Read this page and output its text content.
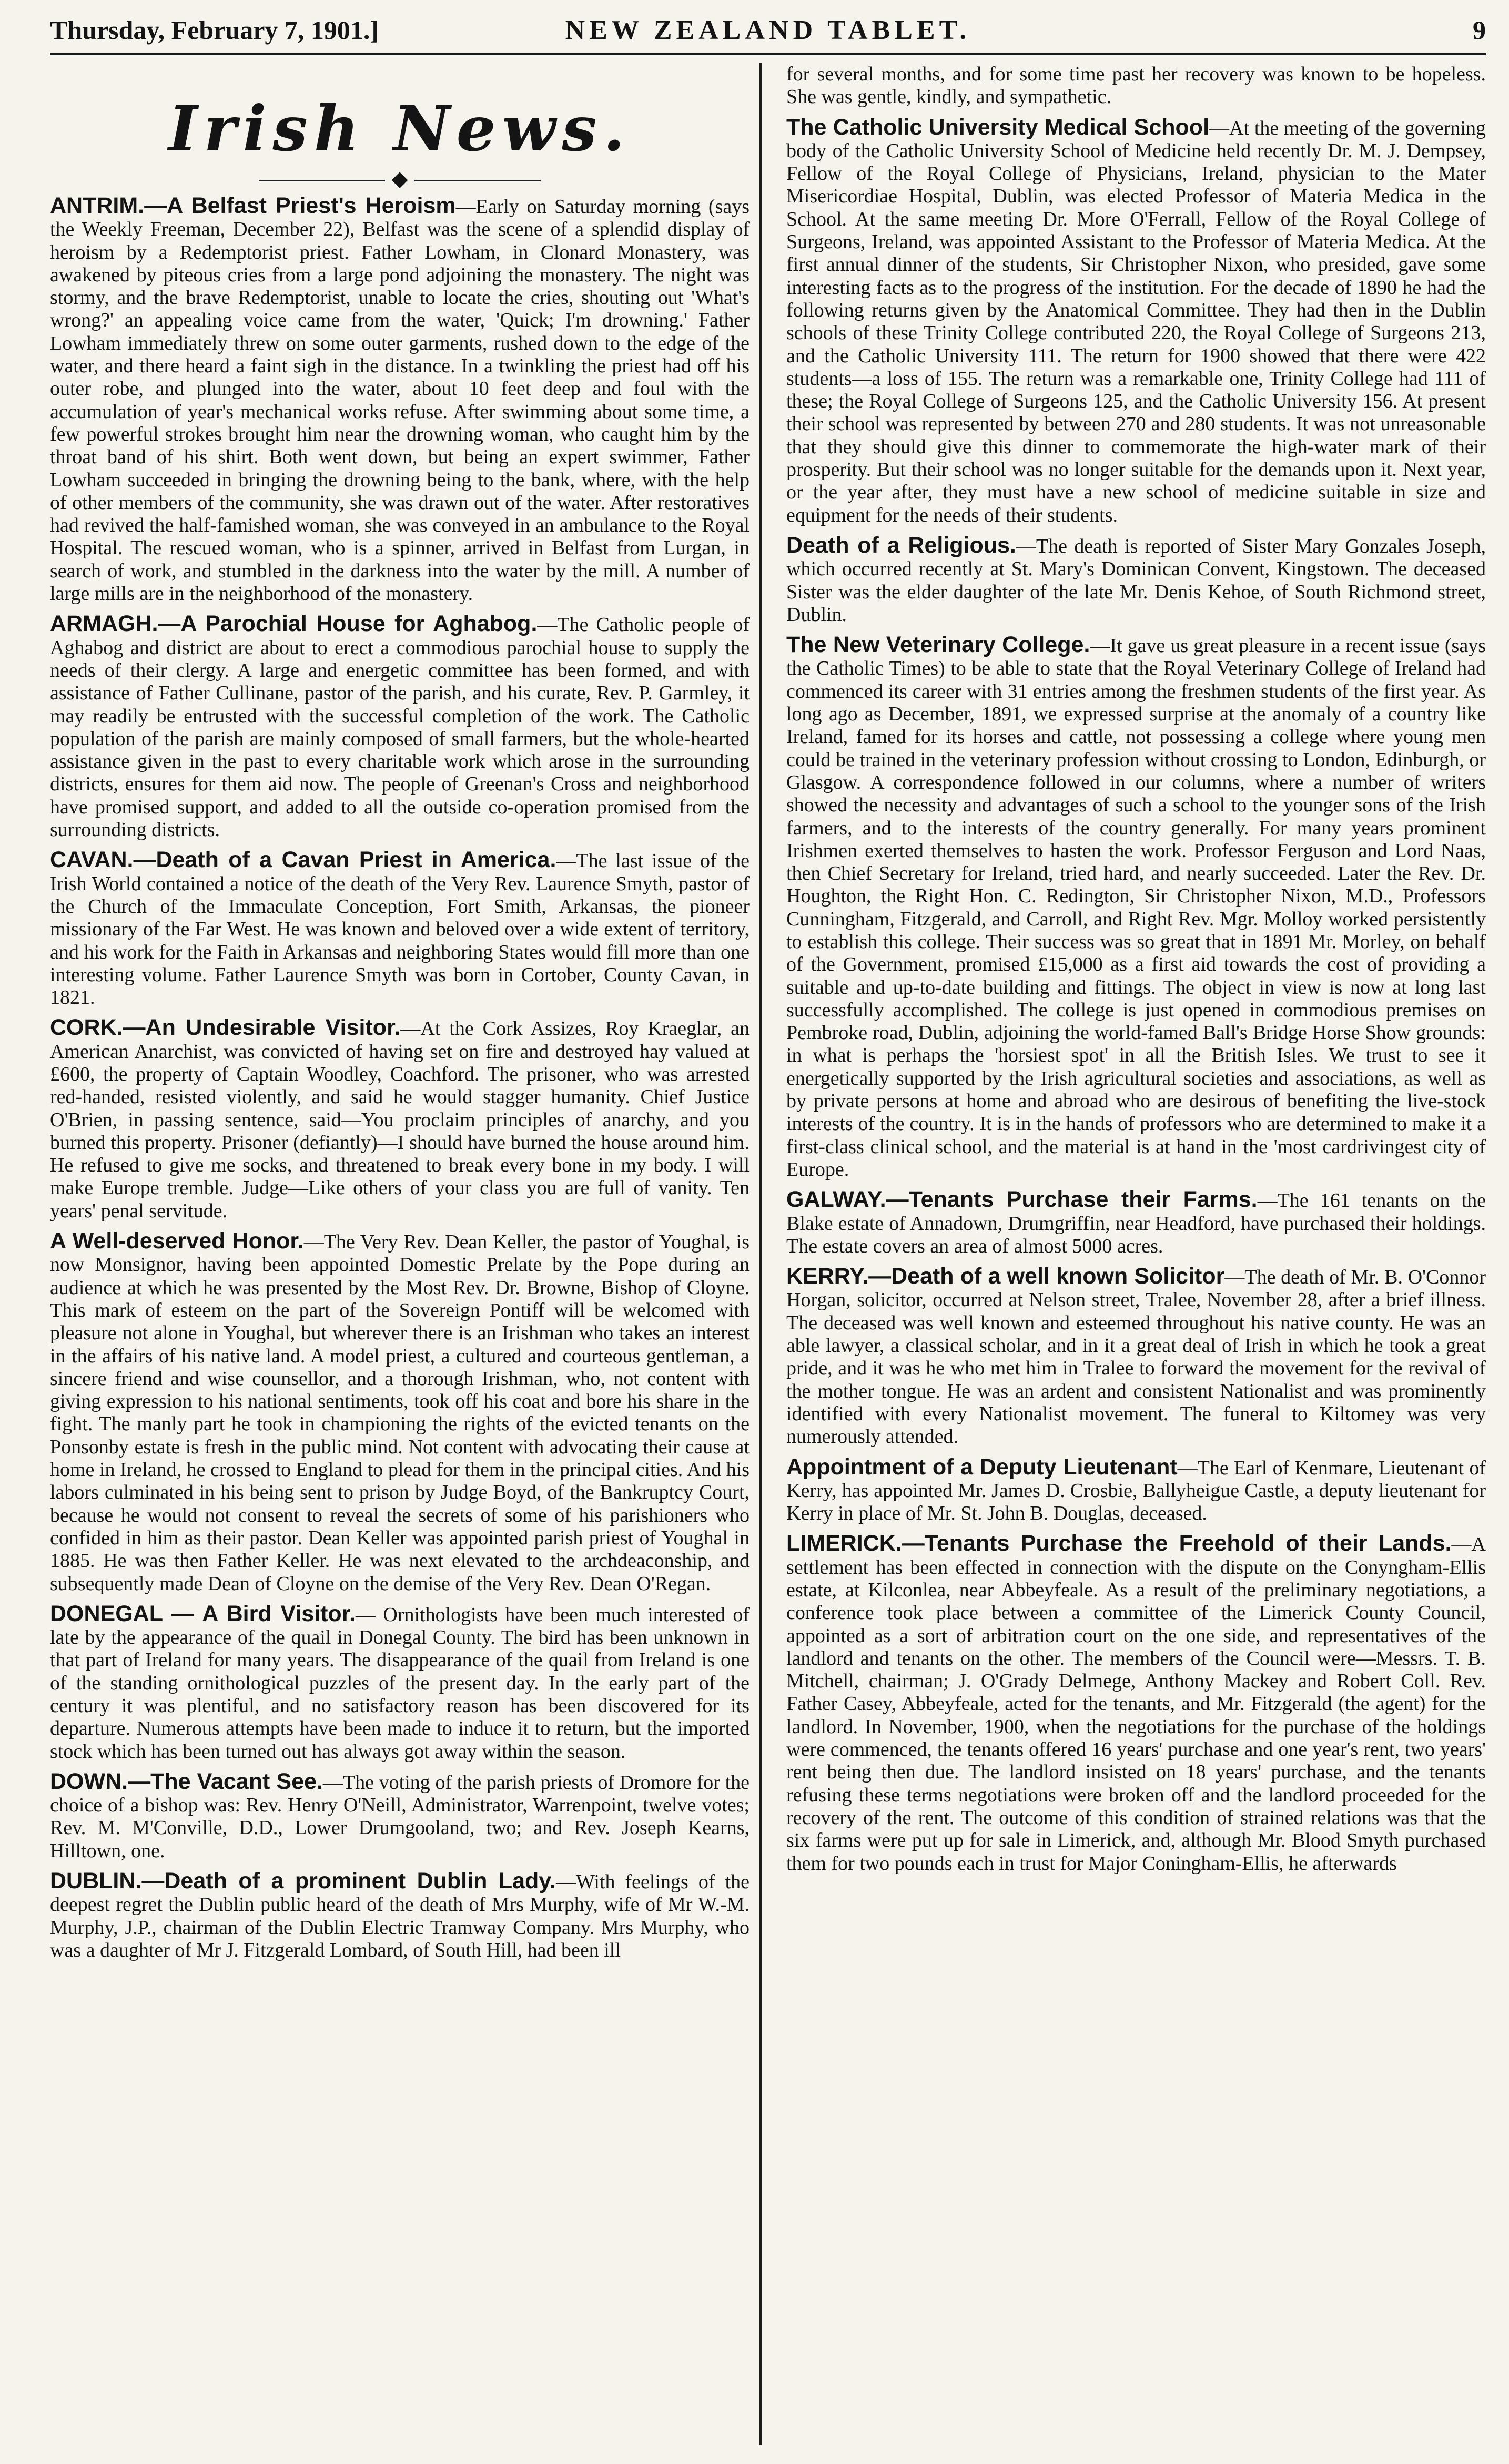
Thursday, February 7, 1901.]	NEW ZEALAND TABLET.	9
Irish News.
◆

ANTRIM.—A Belfast Priest's Heroism—Early on Saturday morning (says the Weekly Freeman, December 22), Belfast was the scene of a splendid display of heroism by a Redemptorist priest. Father Lowham, in Clonard Monastery, was awakened by piteous cries from a large pond adjoining the monastery. The night was stormy, and the brave Redemptorist, unable to locate the cries, shouting out 'What's wrong?' an appealing voice came from the water, 'Quick; I'm drowning.' Father Lowham immediately threw on some outer garments, rushed down to the edge of the water, and there heard a faint sigh in the distance. In a twinkling the priest had off his outer robe, and plunged into the water, about 10 feet deep and foul with the accumulation of year's mechanical works refuse. After swimming about some time, a few powerful strokes brought him near the drowning woman, who caught him by the throat band of his shirt. Both went down, but being an expert swimmer, Father Lowham succeeded in bringing the drowning being to the bank, where, with the help of other members of the community, she was drawn out of the water. After restoratives had revived the half-famished woman, she was conveyed in an ambulance to the Royal Hospital. The rescued woman, who is a spinner, arrived in Belfast from Lurgan, in search of work, and stumbled in the darkness into the water by the mill. A number of large mills are in the neighborhood of the monastery.

ARMAGH.—A Parochial House for Aghabog.—The Catholic people of Aghabog and district are about to erect a commodious parochial house to supply the needs of their clergy. A large and energetic committee has been formed, and with assistance of Father Cullinane, pastor of the parish, and his curate, Rev. P. Garmley, it may readily be entrusted with the successful completion of the work. The Catholic population of the parish are mainly composed of small farmers, but the whole-hearted assistance given in the past to every charitable work which arose in the surrounding districts, ensures for them aid now. The people of Greenan's Cross and neighborhood have promised support, and added to all the outside co-operation promised from the surrounding districts.

CAVAN.—Death of a Cavan Priest in America.—The last issue of the Irish World contained a notice of the death of the Very Rev. Laurence Smyth, pastor of the Church of the Immaculate Conception, Fort Smith, Arkansas, the pioneer missionary of the Far West. He was known and beloved over a wide extent of territory, and his work for the Faith in Arkansas and neighboring States would fill more than one interesting volume. Father Laurence Smyth was born in Cortober, County Cavan, in 1821.

CORK.—An Undesirable Visitor.—At the Cork Assizes, Roy Kraeglar, an American Anarchist, was convicted of having set on fire and destroyed hay valued at £600, the property of Captain Woodley, Coachford. The prisoner, who was arrested red-handed, resisted violently, and said he would stagger humanity. Chief Justice O'Brien, in passing sentence, said—You proclaim principles of anarchy, and you burned this property. Prisoner (defiantly)—I should have burned the house around him. He refused to give me socks, and threatened to break every bone in my body. I will make Europe tremble. Judge—Like others of your class you are full of vanity. Ten years' penal servitude.

A Well-deserved Honor.—The Very Rev. Dean Keller, the pastor of Youghal, is now Monsignor, having been appointed Domestic Prelate by the Pope during an audience at which he was presented by the Most Rev. Dr. Browne, Bishop of Cloyne. This mark of esteem on the part of the Sovereign Pontiff will be welcomed with pleasure not alone in Youghal, but wherever there is an Irishman who takes an interest in the affairs of his native land. A model priest, a cultured and courteous gentleman, a sincere friend and wise counsellor, and a thorough Irishman, who, not content with giving expression to his national sentiments, took off his coat and bore his share in the fight. The manly part he took in championing the rights of the evicted tenants on the Ponsonby estate is fresh in the public mind. Not content with advocating their cause at home in Ireland, he crossed to England to plead for them in the principal cities. And his labors culminated in his being sent to prison by Judge Boyd, of the Bankruptcy Court, because he would not consent to reveal the secrets of some of his parishioners who confided in him as their pastor. Dean Keller was appointed parish priest of Youghal in 1885. He was then Father Keller. He was next elevated to the archdeaconship, and subsequently made Dean of Cloyne on the demise of the Very Rev. Dean O'Regan.

DONEGAL — A Bird Visitor.— Ornithologists have been much interested of late by the appearance of the quail in Donegal County. The bird has been unknown in that part of Ireland for many years. The disappearance of the quail from Ireland is one of the standing ornithological puzzles of the present day. In the early part of the century it was plentiful, and no satisfactory reason has been discovered for its departure. Numerous attempts have been made to induce it to return, but the imported stock which has been turned out has always got away within the season.

DOWN.—The Vacant See.—The voting of the parish priests of Dromore for the choice of a bishop was: Rev. Henry O'Neill, Administrator, Warrenpoint, twelve votes; Rev. M. M'Conville, D.D., Lower Drumgooland, two; and Rev. Joseph Kearns, Hilltown, one.

DUBLIN.—Death of a prominent Dublin Lady.—With feelings of the deepest regret the Dublin public heard of the death of Mrs Murphy, wife of Mr W.-M. Murphy, J.P., chairman of the Dublin Electric Tramway Company. Mrs Murphy, who was a daughter of Mr J. Fitzgerald Lombard, of South Hill, had been ill

for several months, and for some time past her recovery was known to be hopeless. She was gentle, kindly, and sympathetic.

The Catholic University Medical School—At the meeting of the governing body of the Catholic University School of Medicine held recently Dr. M. J. Dempsey, Fellow of the Royal College of Physicians, Ireland, physician to the Mater Misericordiae Hospital, Dublin, was elected Professor of Materia Medica in the School. At the same meeting Dr. More O'Ferrall, Fellow of the Royal College of Surgeons, Ireland, was appointed Assistant to the Professor of Materia Medica. At the first annual dinner of the students, Sir Christopher Nixon, who presided, gave some interesting facts as to the progress of the institution. For the decade of 1890 he had the following returns given by the Anatomical Committee. They had then in the Dublin schools of these Trinity College contributed 220, the Royal College of Surgeons 213, and the Catholic University 111. The return for 1900 showed that there were 422 students—a loss of 155. The return was a remarkable one, Trinity College had 111 of these; the Royal College of Surgeons 125, and the Catholic University 156. At present their school was represented by between 270 and 280 students. It was not unreasonable that they should give this dinner to commemorate the high-water mark of their prosperity. But their school was no longer suitable for the demands upon it. Next year, or the year after, they must have a new school of medicine suitable in size and equipment for the needs of their students.

Death of a Religious.—The death is reported of Sister Mary Gonzales Joseph, which occurred recently at St. Mary's Dominican Convent, Kingstown. The deceased Sister was the elder daughter of the late Mr. Denis Kehoe, of South Richmond street, Dublin.

The New Veterinary College.—It gave us great pleasure in a recent issue (says the Catholic Times) to be able to state that the Royal Veterinary College of Ireland had commenced its career with 31 entries among the freshmen students of the first year. As long ago as December, 1891, we expressed surprise at the anomaly of a country like Ireland, famed for its horses and cattle, not possessing a college where young men could be trained in the veterinary profession without crossing to London, Edinburgh, or Glasgow. A correspondence followed in our columns, where a number of writers showed the necessity and advantages of such a school to the younger sons of the Irish farmers, and to the interests of the country generally. For many years prominent Irishmen exerted themselves to hasten the work. Professor Ferguson and Lord Naas, then Chief Secretary for Ireland, tried hard, and nearly succeeded. Later the Rev. Dr. Houghton, the Right Hon. C. Redington, Sir Christopher Nixon, M.D., Professors Cunningham, Fitzgerald, and Carroll, and Right Rev. Mgr. Molloy worked persistently to establish this college. Their success was so great that in 1891 Mr. Morley, on behalf of the Government, promised £15,000 as a first aid towards the cost of providing a suitable and up-to-date building and fittings. The object in view is now at long last successfully accomplished. The college is just opened in commodious premises on Pembroke road, Dublin, adjoining the world-famed Ball's Bridge Horse Show grounds: in what is perhaps the 'horsiest spot' in all the British Isles. We trust to see it energetically supported by the Irish agricultural societies and associations, as well as by private persons at home and abroad who are desirous of benefiting the live-stock interests of the country. It is in the hands of professors who are determined to make it a first-class clinical school, and the material is at hand in the 'most cardrivingest city of Europe.

GALWAY.—Tenants Purchase their Farms.—The 161 tenants on the Blake estate of Annadown, Drumgriffin, near Headford, have purchased their holdings. The estate covers an area of almost 5000 acres.

KERRY.—Death of a well known Solicitor—The death of Mr. B. O'Connor Horgan, solicitor, occurred at Nelson street, Tralee, November 28, after a brief illness. The deceased was well known and esteemed throughout his native county. He was an able lawyer, a classical scholar, and in it a great deal of Irish in which he took a great pride, and it was he who met him in Tralee to forward the movement for the revival of the mother tongue. He was an ardent and consistent Nationalist and was prominently identified with every Nationalist movement. The funeral to Kiltomey was very numerously attended.

Appointment of a Deputy Lieutenant—The Earl of Kenmare, Lieutenant of Kerry, has appointed Mr. James D. Crosbie, Ballyheigue Castle, a deputy lieutenant for Kerry in place of Mr. St. John B. Douglas, deceased.

LIMERICK.—Tenants Purchase the Freehold of their Lands.—A settlement has been effected in connection with the dispute on the Conyngham-Ellis estate, at Kilconlea, near Abbeyfeale. As a result of the preliminary negotiations, a conference took place between a committee of the Limerick County Council, appointed as a sort of arbitration court on the one side, and representatives of the landlord and tenants on the other. The members of the Council were—Messrs. T. B. Mitchell, chairman; J. O'Grady Delmege, Anthony Mackey and Robert Coll. Rev. Father Casey, Abbeyfeale, acted for the tenants, and Mr. Fitzgerald (the agent) for the landlord. In November, 1900, when the negotiations for the purchase of the holdings were commenced, the tenants offered 16 years' purchase and one year's rent, two years' rent being then due. The landlord insisted on 18 years' purchase, and the tenants refusing these terms negotiations were broken off and the landlord proceeded for the recovery of the rent. The outcome of this condition of strained relations was that the six farms were put up for sale in Limerick, and, although Mr. Blood Smyth purchased them for two pounds each in trust for Major Coningham-Ellis, he afterwards
